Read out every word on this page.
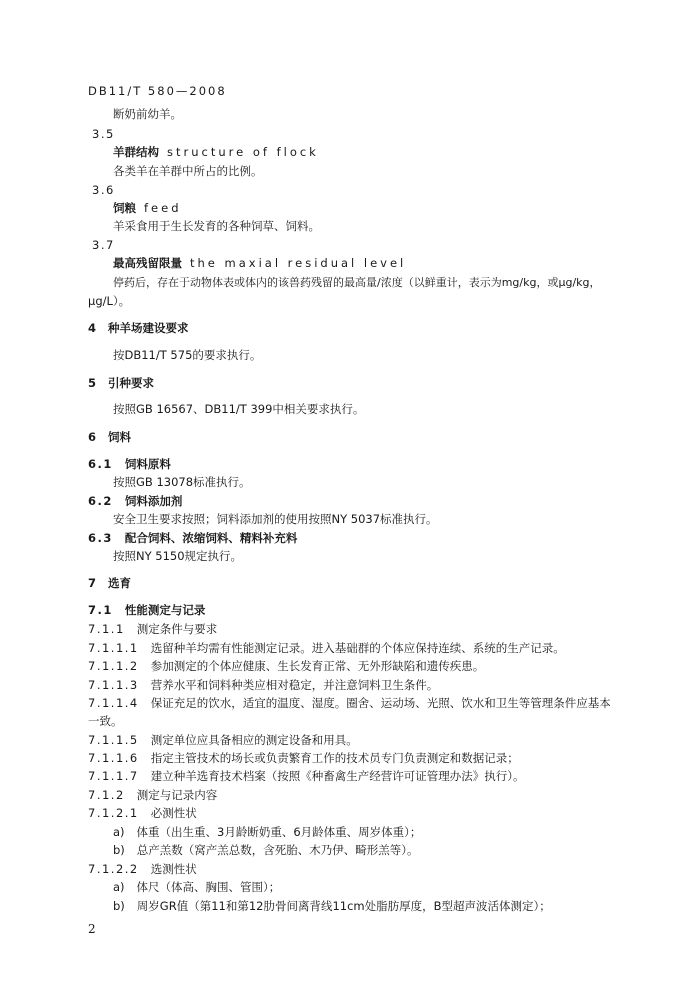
DB11/T 580—2008
断奶前幼羊。
3.5
羊群结构 structure of flock
各类羊在羊群中所占的比例。
3.6
饲粮 feed
羊采食用于生长发育的各种饲草、饲料。
3.7
最高残留限量 the maxial residual level
停药后，存在于动物体表或体内的该兽药残留的最高量/浓度（以鲜重计，表示为mg/kg，或μg/kg，
μg/L）。
4 种羊场建设要求
按DB11/T 575的要求执行。
5 引种要求
按照GB 16567、DB11/T 399中相关要求执行。
6 饲料
6.1 饲料原料
按照GB 13078标准执行。
6.2 饲料添加剂
安全卫生要求按照；饲料添加剂的使用按照NY 5037标准执行。
6.3 配合饲料、浓缩饲料、精料补充料
按照NY 5150规定执行。
7 选育
7.1 性能测定与记录
7.1.1 测定条件与要求
7.1.1.1 选留种羊均需有性能测定记录。进入基础群的个体应保持连续、系统的生产记录。
7.1.1.2 参加测定的个体应健康、生长发育正常、无外形缺陷和遗传疾患。
7.1.1.3 营养水平和饲料种类应相对稳定，并注意饲料卫生条件。
7.1.1.4 保证充足的饮水，适宜的温度、湿度。圈舍、运动场、光照、饮水和卫生等管理条件应基本
一致。
7.1.1.5 测定单位应具备相应的测定设备和用具。
7.1.1.6 指定主管技术的场长或负责繁育工作的技术员专门负责测定和数据记录；
7.1.1.7 建立种羊选育技术档案（按照《种畜禽生产经营许可证管理办法》执行）。
7.1.2 测定与记录内容
7.1.2.1 必测性状
a) 体重（出生重、3月龄断奶重、6月龄体重、周岁体重）；
b) 总产羔数（窝产羔总数，含死胎、木乃伊、畸形羔等）。
7.1.2.2 选测性状
a) 体尺（体高、胸围、管围）；
b) 周岁GR值（第11和第12肋骨间离背线11cm处脂肪厚度，B型超声波活体测定）；
2
